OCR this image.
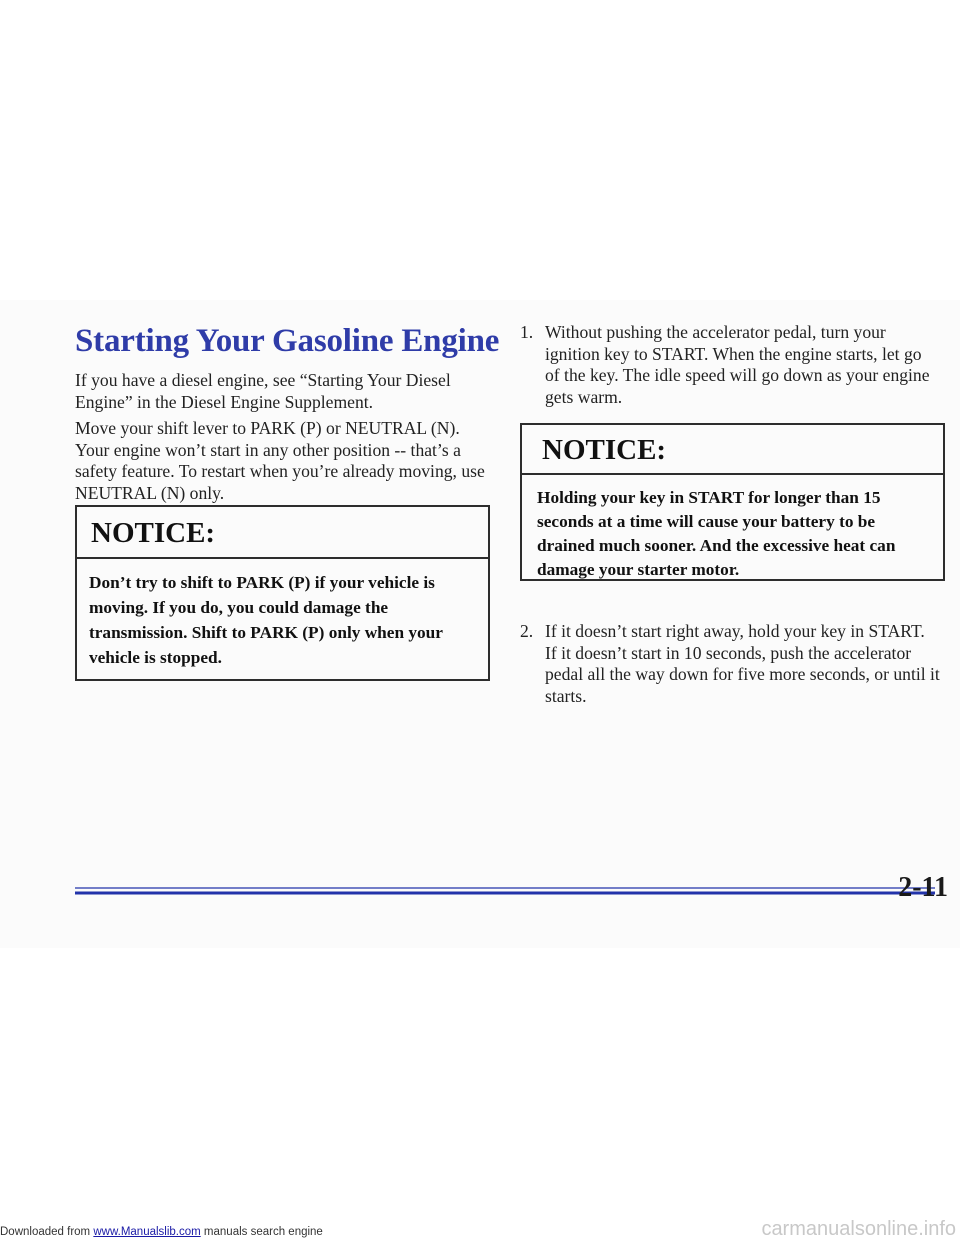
Starting Your Gasoline Engine

If you have a diesel engine, see “Starting Your Diesel Engine” in the Diesel Engine Supplement.

Move your shift lever to PARK (P) or NEUTRAL (N). Your engine won’t start in any other position -- that’s a safety feature. To restart when you’re already moving, use NEUTRAL (N) only.

NOTICE:

Don’t try to shift to PARK (P) if your vehicle is moving. If you do, you could damage the transmission. Shift to PARK (P) only when your vehicle is stopped.

1. Without pushing the accelerator pedal, turn your ignition key to START. When the engine starts, let go of the key. The idle speed will go down as your engine gets warm.
NOTICE:

Holding your key in START for longer than 15 seconds at a time will cause your battery to be drained much sooner. And the excessive heat can damage your starter motor.

2. If it doesn’t start right away, hold your key in START. If it doesn’t start in 10 seconds, push the accelerator pedal all the way down for five more seconds, or until it starts.

2-11

Downloaded from www.Manualslib.com manuals search engine	carmanualsonline.info
